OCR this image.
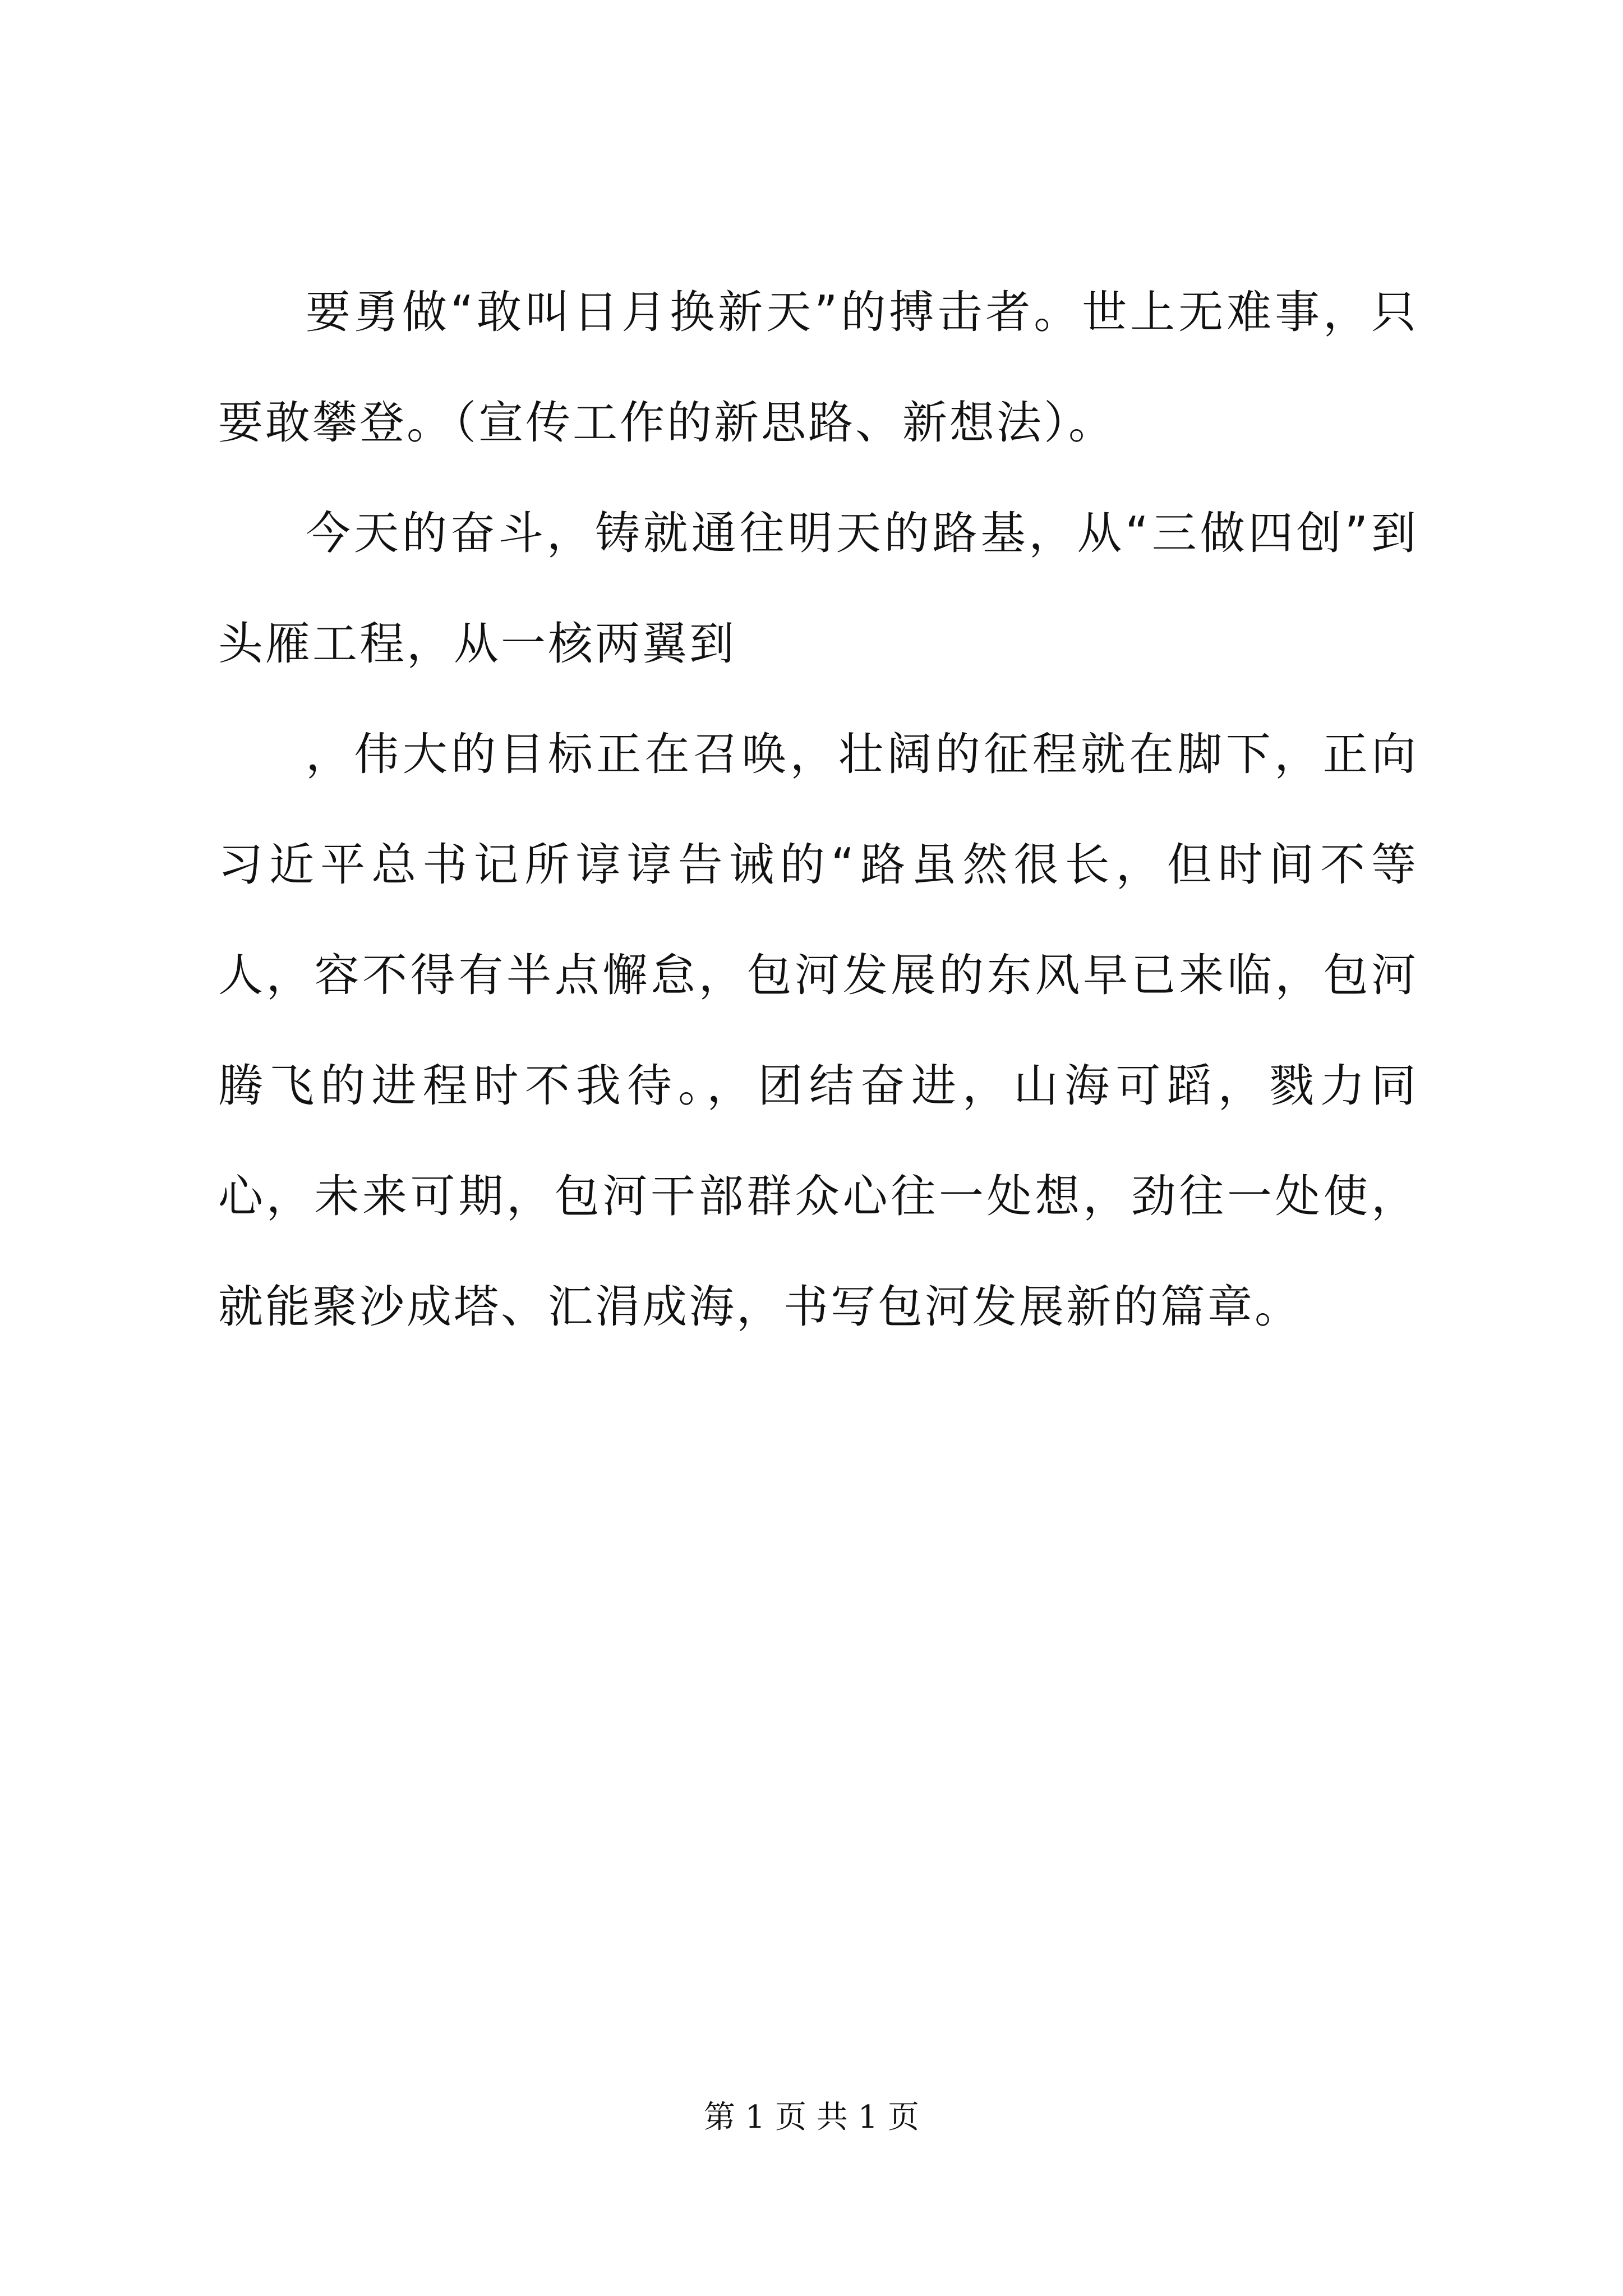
要勇做“敢叫日月换新天”的搏击者。世上无难事，只要敢攀登。（宣传工作的新思路、新想法）。

今天的奋斗，铸就通往明天的路基，从“三做四创”到头雁工程，从一核两翼到

，伟大的目标正在召唤，壮阔的征程就在脚下，正向习近平总书记所谆谆告诫的“路虽然很长，但时间不等人，容不得有半点懈怠，包河发展的东风早已来临，包河腾飞的进程时不我待。，团结奋进，山海可蹈，戮力同心，未来可期，包河干部群众心往一处想，劲往一处使，就能聚沙成塔、汇涓成海，书写包河发展新的篇章。

第 1 页 共 1 页
